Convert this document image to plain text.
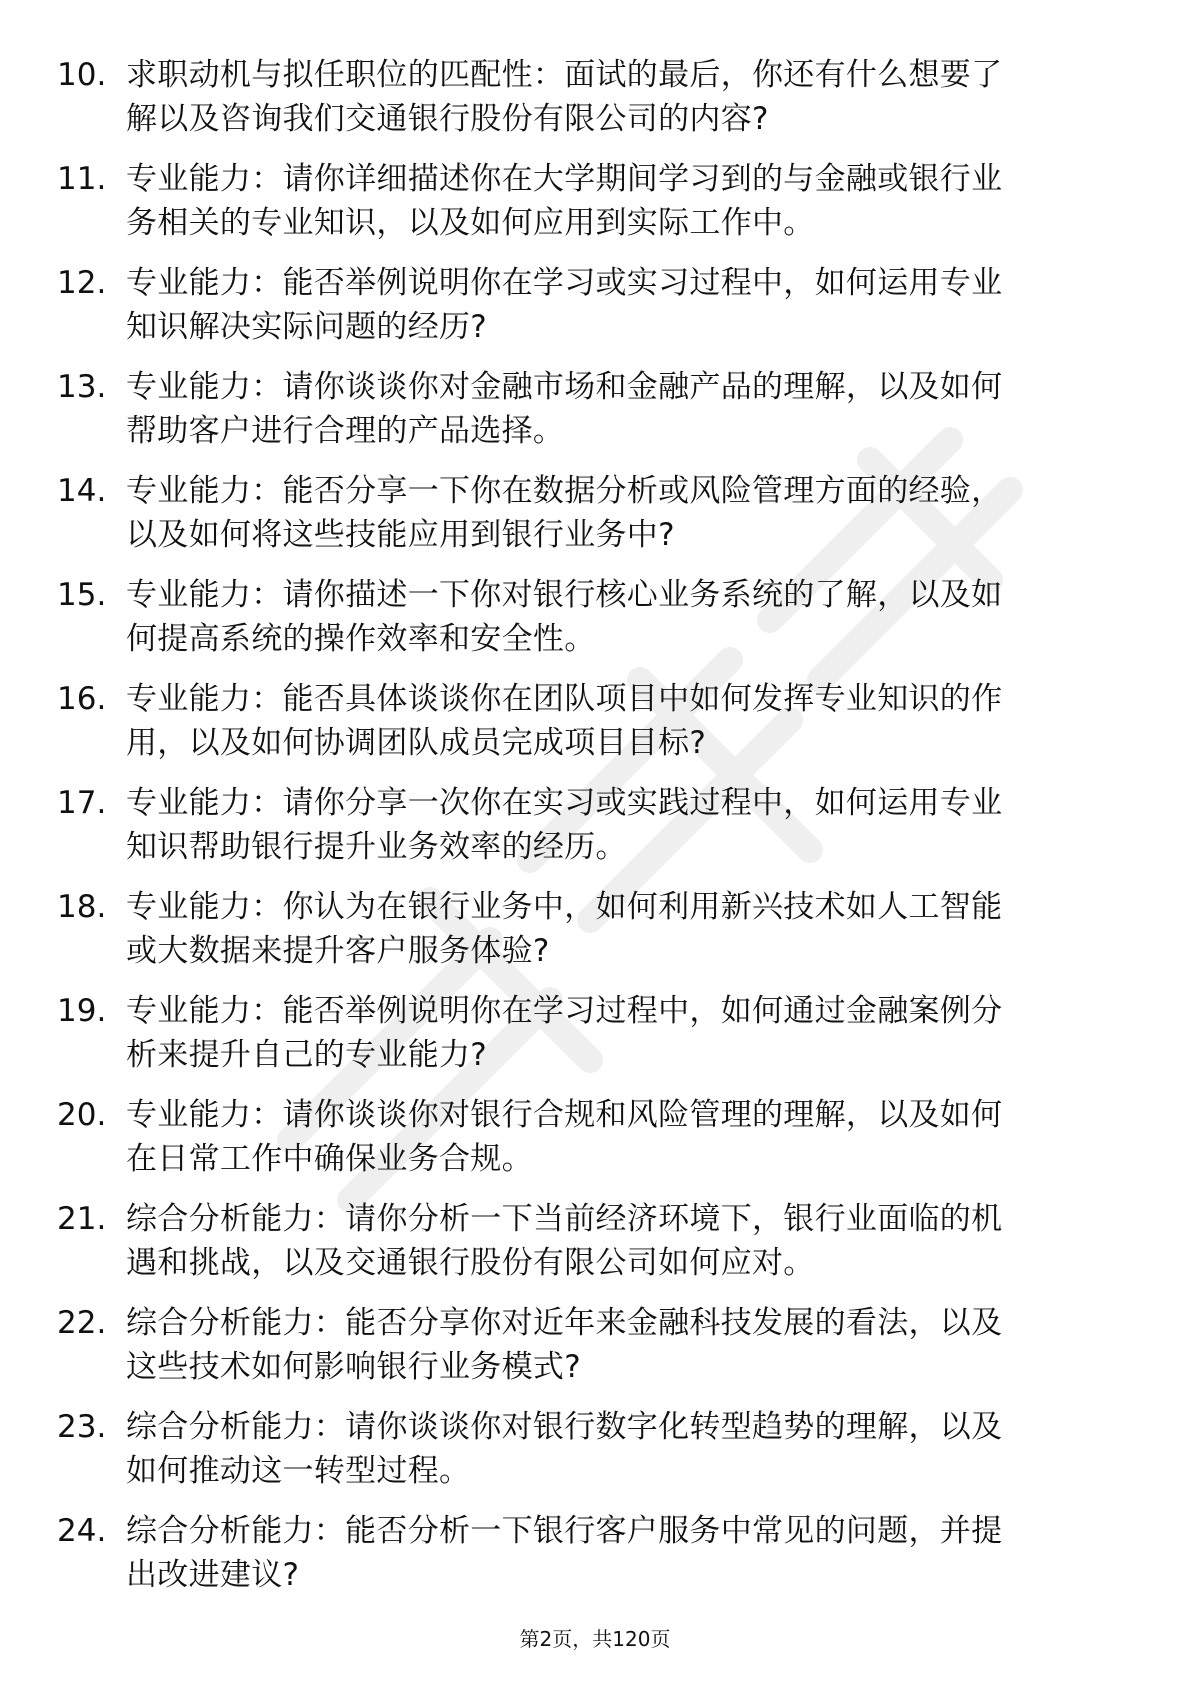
10. 求职动机与拟任职位的匹配性：面试的最后，你还有什么想要了
解以及咨询我们交通银行股份有限公司的内容?
11. 专业能力：请你详细描述你在大学期间学习到的与金融或银行业
务相关的专业知识，以及如何应用到实际工作中。
12. 专业能力：能否举例说明你在学习或实习过程中，如何运用专业
知识解决实际问题的经历?
13. 专业能力：请你谈谈你对金融市场和金融产品的理解，以及如何
帮助客户进行合理的产品选择。
14. 专业能力：能否分享一下你在数据分析或风险管理方面的经验，
以及如何将这些技能应用到银行业务中?
15. 专业能力：请你描述一下你对银行核心业务系统的了解，以及如
何提高系统的操作效率和安全性。
16. 专业能力：能否具体谈谈你在团队项目中如何发挥专业知识的作
用，以及如何协调团队成员完成项目目标?
17. 专业能力：请你分享一次你在实习或实践过程中，如何运用专业
知识帮助银行提升业务效率的经历。
18. 专业能力：你认为在银行业务中，如何利用新兴技术如人工智能
或大数据来提升客户服务体验?
19. 专业能力：能否举例说明你在学习过程中，如何通过金融案例分
析来提升自己的专业能力?
20. 专业能力：请你谈谈你对银行合规和风险管理的理解，以及如何
在日常工作中确保业务合规。
21. 综合分析能力：请你分析一下当前经济环境下，银行业面临的机
遇和挑战，以及交通银行股份有限公司如何应对。
22. 综合分析能力：能否分享你对近年来金融科技发展的看法，以及
这些技术如何影响银行业务模式?
23. 综合分析能力：请你谈谈你对银行数字化转型趋势的理解，以及
如何推动这一转型过程。
24. 综合分析能力：能否分析一下银行客户服务中常见的问题，并提
出改进建议?
第2页，共120页
